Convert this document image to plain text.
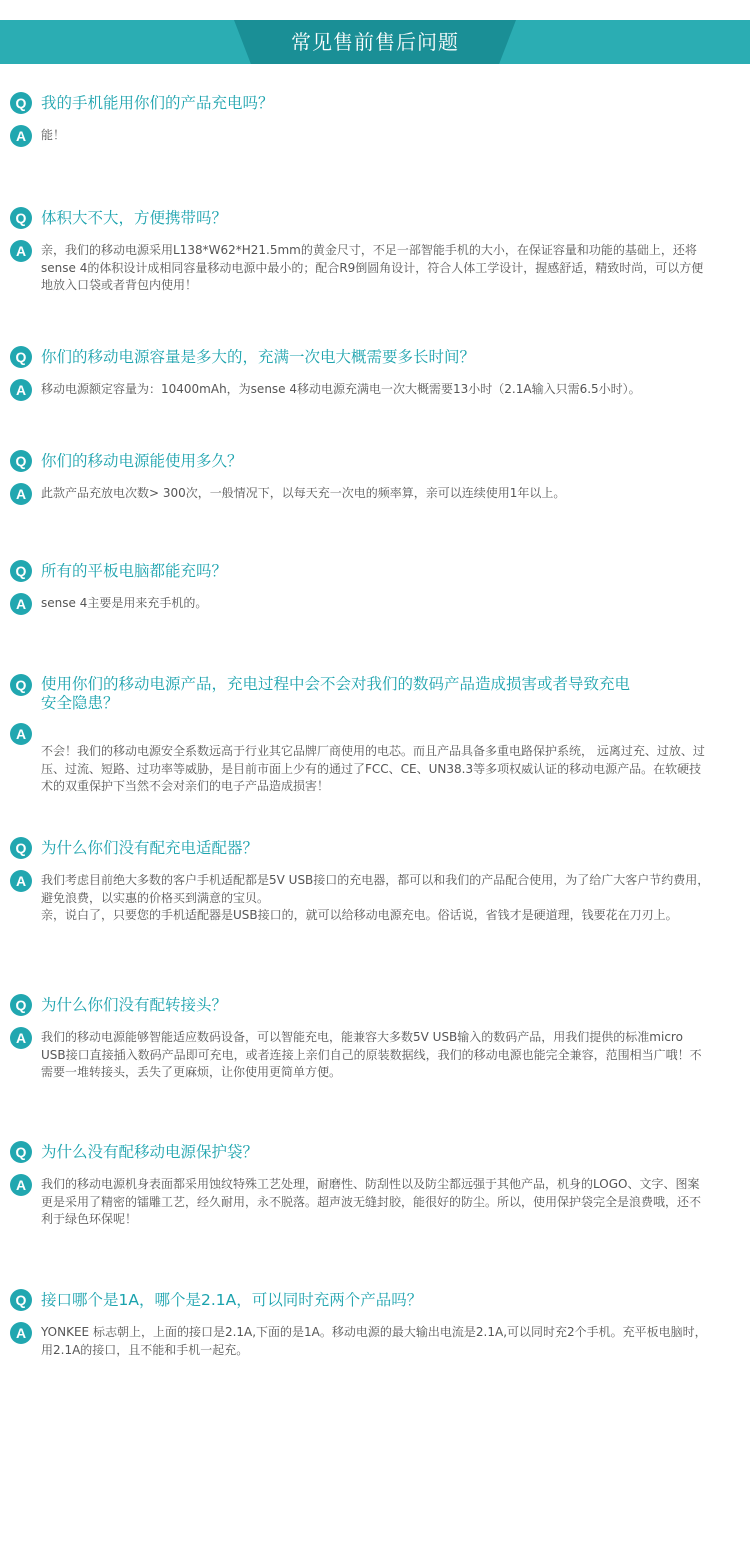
常见售前售后问题
Q 我的手机能用你们的产品充电吗？
A	能！
Q 体积大不大，方便携带吗？
A	亲，我们的移动电源采用L138*W62*H21.5mm的黄金尺寸，不足一部智能手机的大小，在保证容量和功能的基础上，还将sense 4的体积设计成相同容量移动电源中最小的；配合R9倒圆角设计，符合人体工学设计，握感舒适，精致时尚，可以方便地放入口袋或者背包内使用！
Q 你们的移动电源容量是多大的，充满一次电大概需要多长时间？
A	移动电源额定容量为：10400mAh，为sense 4移动电源充满电一次大概需要13小时（2.1A输入只需6.5小时）。
Q 你们的移动电源能使用多久？
A	此款产品充放电次数> 300次，一般情况下，以每天充一次电的频率算，亲可以连续使用1年以上。
Q 所有的平板电脑都能充吗？
A	sense 4主要是用来充手机的。
Q 使用你们的移动电源产品，充电过程中会不会对我们的数码产品造成损害或者导致充电安全隐患？
A
不会！我们的移动电源安全系数远高于行业其它品牌厂商使用的电芯。而且产品具备多重电路保护系统， 远离过充、过放、过压、过流、短路、过功率等威胁，是目前市面上少有的通过了FCC、CE、UN38.3等多项权威认证的移动电源产品。在软硬技术的双重保护下当然不会对亲们的电子产品造成损害！
Q 为什么你们没有配充电适配器？
A	我们考虑目前绝大多数的客户手机适配都是5V USB接口的充电器，都可以和我们的产品配合使用，为了给广大客户节约费用，避免浪费，以实惠的价格买到满意的宝贝。
亲，说白了，只要您的手机适配器是USB接口的，就可以给移动电源充电。俗话说，省钱才是硬道理，钱要花在刀刃上。
Q 为什么你们没有配转接头？
A	我们的移动电源能够智能适应数码设备，可以智能充电，能兼容大多数5V USB输入的数码产品，用我们提供的标准micro USB接口直接插入数码产品即可充电，或者连接上亲们自己的原装数据线，我们的移动电源也能完全兼容，范围相当广哦！不需要一堆转接头，丢失了更麻烦，让你使用更简单方便。
Q 为什么没有配移动电源保护袋？
A	我们的移动电源机身表面都采用蚀纹特殊工艺处理，耐磨性、防刮性以及防尘都远强于其他产品，机身的LOGO、文字、图案更是采用了精密的镭雕工艺，经久耐用，永不脱落。超声波无缝封胶，能很好的防尘。所以，使用保护袋完全是浪费哦，还不利于绿色环保呢！
Q 接口哪个是1A，哪个是2.1A，可以同时充两个产品吗？
A	YONKEE 标志朝上，上面的接口是2.1A,下面的是1A。移动电源的最大输出电流是2.1A,可以同时充2个手机。充平板电脑时，用2.1A的接口，且不能和手机一起充。
